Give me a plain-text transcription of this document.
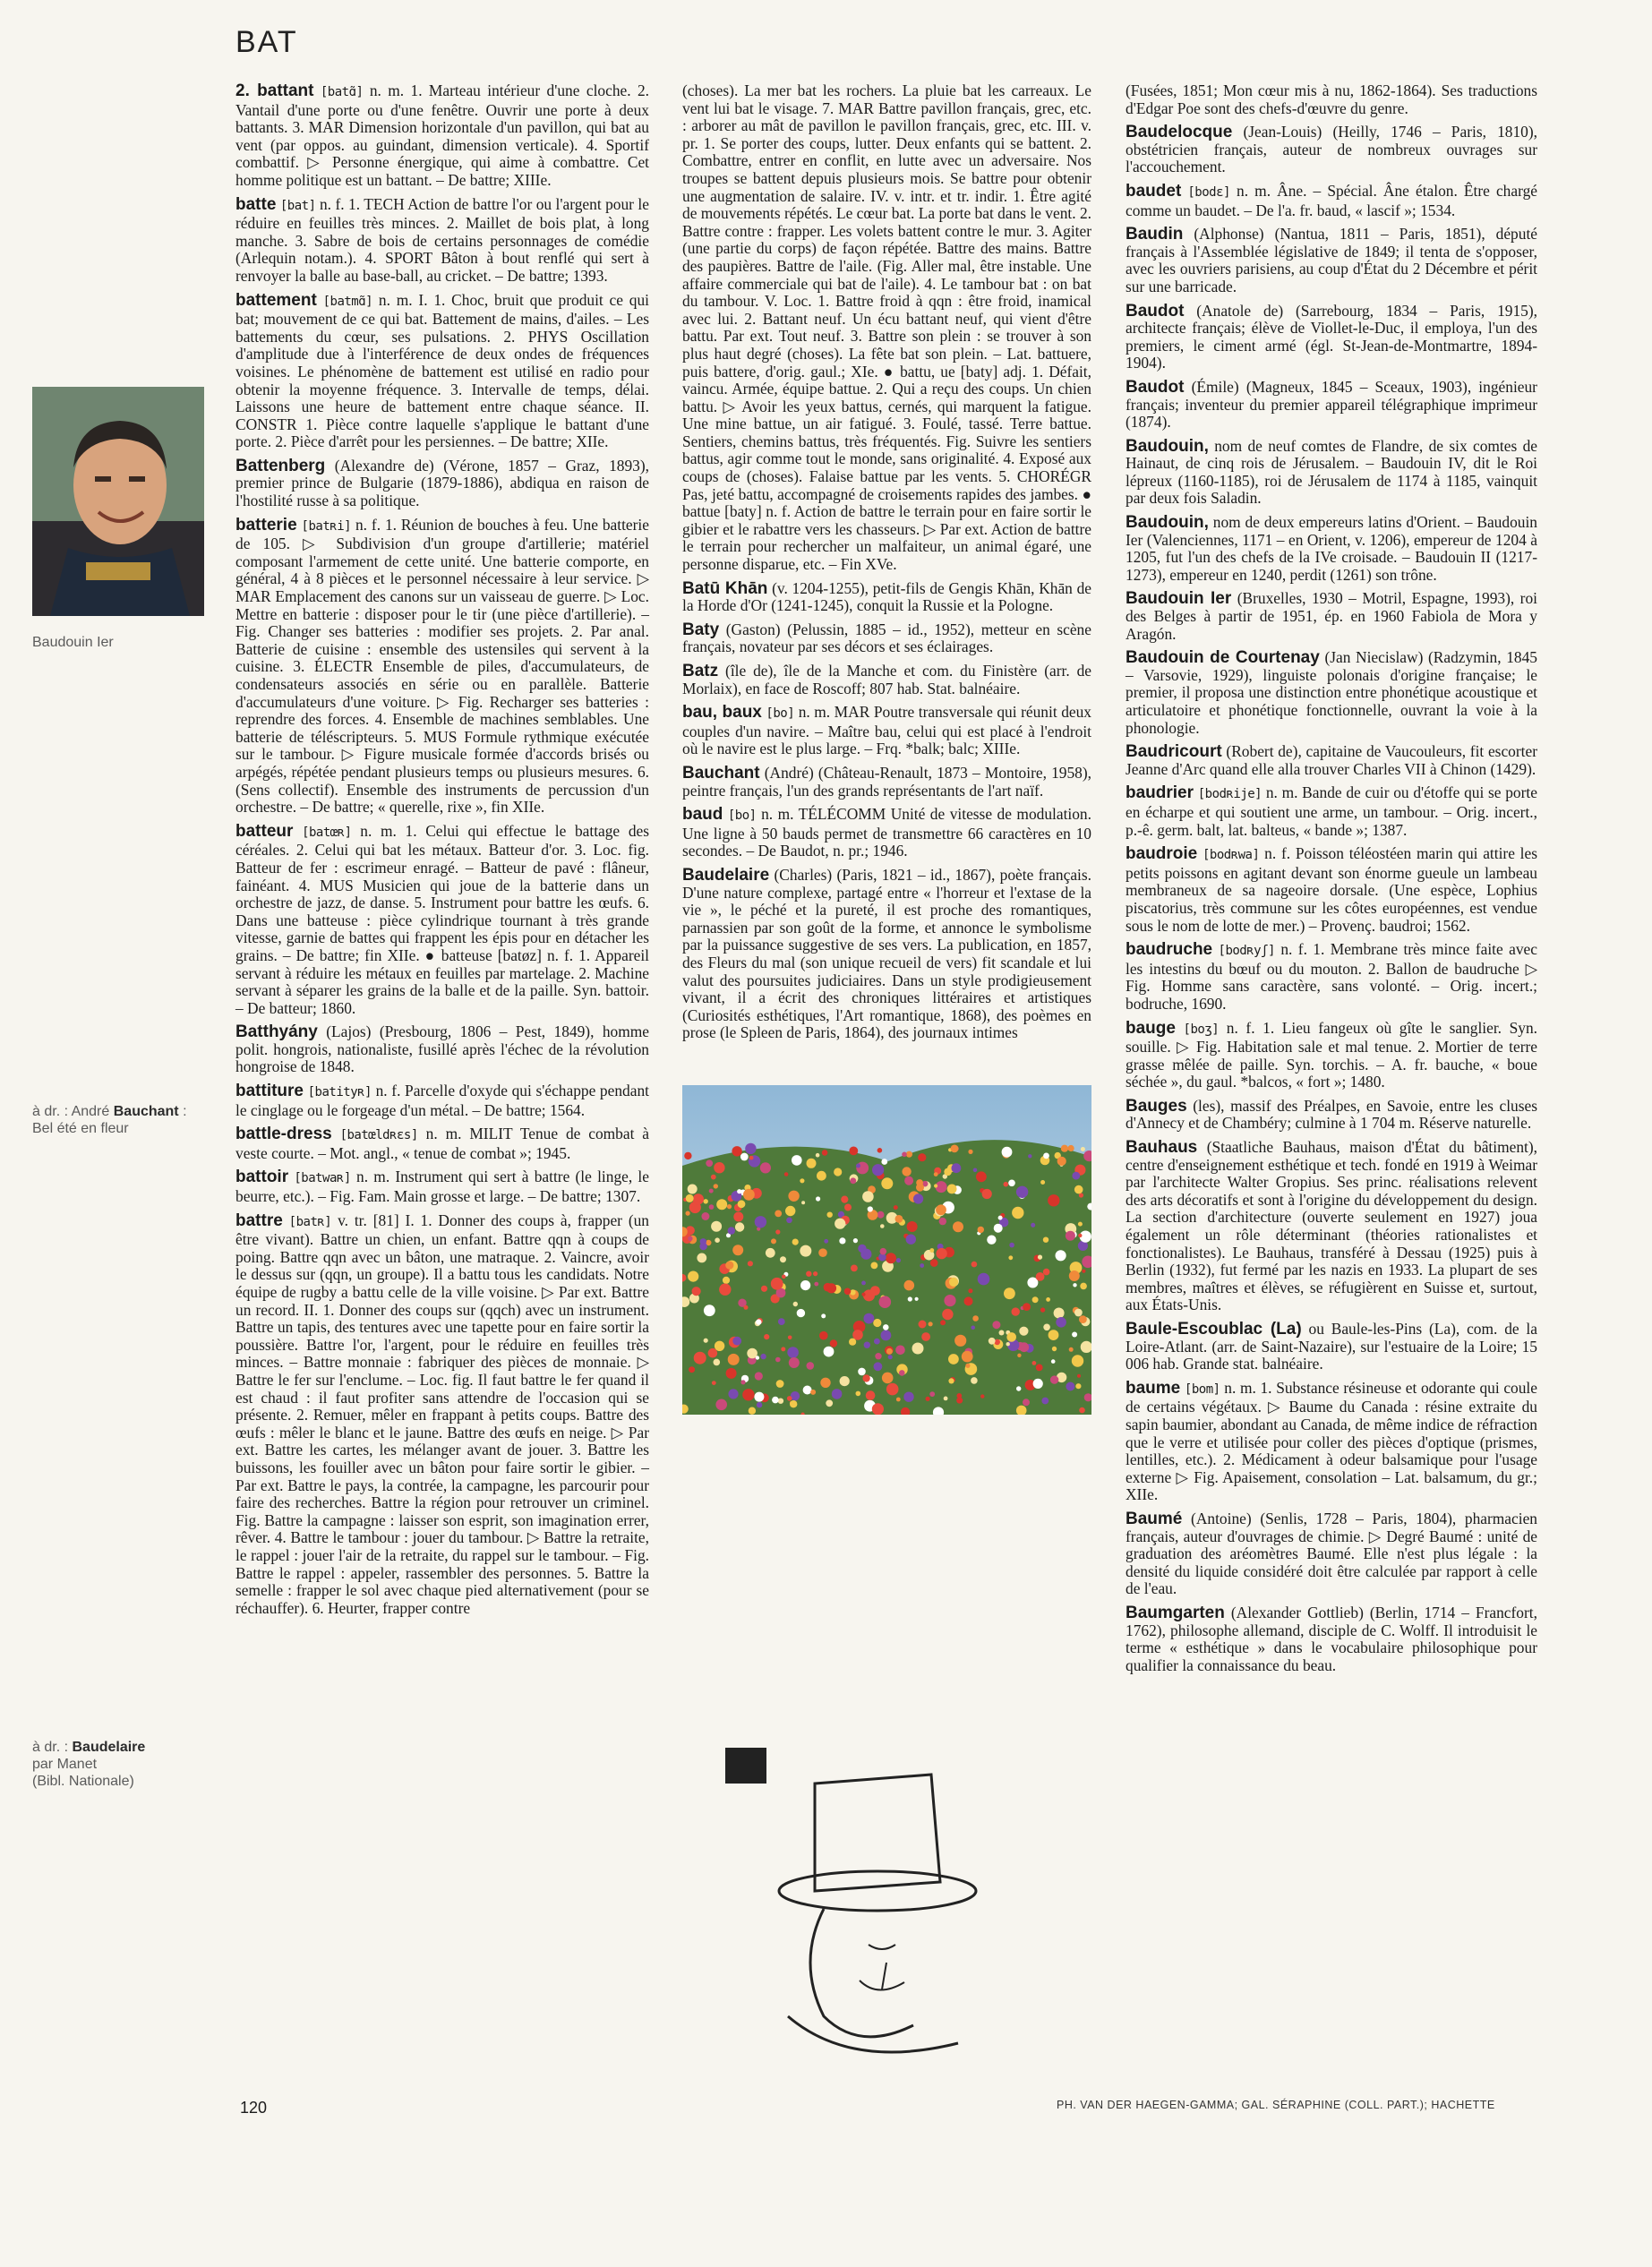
BAT
Baudouin Ier
à dr. : André Bauchant :
Bel été en fleur
à dr. : Baudelaire
par Manet
(Bibl. Nationale)

2. battant [batɑ̃] n. m. 1. Marteau intérieur d'une cloche. 2. Vantail d'une porte ou d'une fenêtre. Ouvrir une porte à deux battants. 3. MAR Dimension horizontale d'un pavillon, qui bat au vent (par oppos. au guindant, dimension verticale). 4. Sportif combattif. ▷ Personne énergique, qui aime à combattre. Cet homme politique est un battant. – De battre; XIIIe.

batte [bat] n. f. 1. TECH Action de battre l'or ou l'argent pour le réduire en feuilles très minces. 2. Maillet de bois plat, à long manche. 3. Sabre de bois de certains personnages de comédie (Arlequin notam.). 4. SPORT Bâton à bout renflé qui sert à renvoyer la balle au base-ball, au cricket. – De battre; 1393.

battement [batmɑ̃] n. m. I. 1. Choc, bruit que produit ce qui bat; mouvement de ce qui bat. Battement de mains, d'ailes. – Les battements du cœur, ses pulsations. 2. PHYS Oscillation d'amplitude due à l'interférence de deux ondes de fréquences voisines. Le phénomène de battement est utilisé en radio pour obtenir la moyenne fréquence. 3. Intervalle de temps, délai. Laissons une heure de battement entre chaque séance. II. CONSTR 1. Pièce contre laquelle s'applique le battant d'une porte. 2. Pièce d'arrêt pour les persiennes. – De battre; XIIe.

Battenberg (Alexandre de) (Vérone, 1857 – Graz, 1893), premier prince de Bulgarie (1879-1886), abdiqua en raison de l'hostilité russe à sa politique.

batterie [batʀi] n. f. 1. Réunion de bouches à feu. Une batterie de 105. ▷ Subdivision d'un groupe d'artillerie; matériel composant l'armement de cette unité. Une batterie comporte, en général, 4 à 8 pièces et le personnel nécessaire à leur service. ▷ MAR Emplacement des canons sur un vaisseau de guerre. ▷ Loc. Mettre en batterie : disposer pour le tir (une pièce d'artillerie). – Fig. Changer ses batteries : modifier ses projets. 2. Par anal. Batterie de cuisine : ensemble des ustensiles qui servent à la cuisine. 3. ÉLECTR Ensemble de piles, d'accumulateurs, de condensateurs associés en série ou en parallèle. Batterie d'accumulateurs d'une voiture. ▷ Fig. Recharger ses batteries : reprendre des forces. 4. Ensemble de machines semblables. Une batterie de téléscripteurs. 5. MUS Formule rythmique exécutée sur le tambour. ▷ Figure musicale formée d'accords brisés ou arpégés, répétée pendant plusieurs temps ou plusieurs mesures. 6. (Sens collectif). Ensemble des instruments de percussion d'un orchestre. – De battre; « querelle, rixe », fin XIIe.

batteur [batœʀ] n. m. 1. Celui qui effectue le battage des céréales. 2. Celui qui bat les métaux. Batteur d'or. 3. Loc. fig. Batteur de fer : escrimeur enragé. – Batteur de pavé : flâneur, fainéant. 4. MUS Musicien qui joue de la batterie dans un orchestre de jazz, de danse. 5. Instrument pour battre les œufs. 6. Dans une batteuse : pièce cylindrique tournant à très grande vitesse, garnie de battes qui frappent les épis pour en détacher les grains. – De battre; fin XIIe. ● batteuse [batøz] n. f. 1. Appareil servant à réduire les métaux en feuilles par martelage. 2. Machine servant à séparer les grains de la balle et de la paille. Syn. battoir. – De batteur; 1860.

Batthyány (Lajos) (Presbourg, 1806 – Pest, 1849), homme polit. hongrois, nationaliste, fusillé après l'échec de la révolution hongroise de 1848.

battiture [batityʀ] n. f. Parcelle d'oxyde qui s'échappe pendant le cinglage ou le forgeage d'un métal. – De battre; 1564.

battle-dress [batœldʀɛs] n. m. MILIT Tenue de combat à veste courte. – Mot. angl., « tenue de combat »; 1945.

battoir [batwaʀ] n. m. Instrument qui sert à battre (le linge, le beurre, etc.). – Fig. Fam. Main grosse et large. – De battre; 1307.

battre [batʀ] v. tr. [81] I. 1. Donner des coups à, frapper (un être vivant). Battre un chien, un enfant. Battre qqn à coups de poing. Battre qqn avec un bâton, une matraque. 2. Vaincre, avoir le dessus sur (qqn, un groupe). Il a battu tous les candidats. Notre équipe de rugby a battu celle de la ville voisine. ▷ Par ext. Battre un record. II. 1. Donner des coups sur (qqch) avec un instrument. Battre un tapis, des tentures avec une tapette pour en faire sortir la poussière. Battre l'or, l'argent, pour le réduire en feuilles très minces. – Battre monnaie : fabriquer des pièces de monnaie. ▷ Battre le fer sur l'enclume. – Loc. fig. Il faut battre le fer quand il est chaud : il faut profiter sans attendre de l'occasion qui se présente. 2. Remuer, mêler en frappant à petits coups. Battre des œufs : mêler le blanc et le jaune. Battre des œufs en neige. ▷ Par ext. Battre les cartes, les mélanger avant de jouer. 3. Battre les buissons, les fouiller avec un bâton pour faire sortir le gibier. – Par ext. Battre le pays, la contrée, la campagne, les parcourir pour faire des recherches. Battre la région pour retrouver un criminel. Fig. Battre la campagne : laisser son esprit, son imagination errer, rêver. 4. Battre le tambour : jouer du tambour. ▷ Battre la retraite, le rappel : jouer l'air de la retraite, du rappel sur le tambour. – Fig. Battre le rappel : appeler, rassembler des personnes. 5. Battre la semelle : frapper le sol avec chaque pied alternativement (pour se réchauffer). 6. Heurter, frapper contre

(choses). La mer bat les rochers. La pluie bat les carreaux. Le vent lui bat le visage. 7. MAR Battre pavillon français, grec, etc. : arborer au mât de pavillon le pavillon français, grec, etc. III. v. pr. 1. Se porter des coups, lutter. Deux enfants qui se battent. 2. Combattre, entrer en conflit, en lutte avec un adversaire. Nos troupes se battent depuis plusieurs mois. Se battre pour obtenir une augmentation de salaire. IV. v. intr. et tr. indir. 1. Être agité de mouvements répétés. Le cœur bat. La porte bat dans le vent. 2. Battre contre : frapper. Les volets battent contre le mur. 3. Agiter (une partie du corps) de façon répétée. Battre des mains. Battre des paupières. Battre de l'aile. (Fig. Aller mal, être instable. Une affaire commerciale qui bat de l'aile). 4. Le tambour bat : on bat du tambour. V. Loc. 1. Battre froid à qqn : être froid, inamical avec lui. 2. Battant neuf. Un écu battant neuf, qui vient d'être battu. Par ext. Tout neuf. 3. Battre son plein : se trouver à son plus haut degré (choses). La fête bat son plein. – Lat. battuere, puis battere, d'orig. gaul.; XIe. ● battu, ue [baty] adj. 1. Défait, vaincu. Armée, équipe battue. 2. Qui a reçu des coups. Un chien battu. ▷ Avoir les yeux battus, cernés, qui marquent la fatigue. Une mine battue, un air fatigué. 3. Foulé, tassé. Terre battue. Sentiers, chemins battus, très fréquentés. Fig. Suivre les sentiers battus, agir comme tout le monde, sans originalité. 4. Exposé aux coups de (choses). Falaise battue par les vents. 5. CHORÉGR Pas, jeté battu, accompagné de croisements rapides des jambes. ● battue [baty] n. f. Action de battre le terrain pour en faire sortir le gibier et le rabattre vers les chasseurs. ▷ Par ext. Action de battre le terrain pour rechercher un malfaiteur, un animal égaré, une personne disparue, etc. – Fin XVe.

Batū Khān (v. 1204-1255), petit-fils de Gengis Khān, Khān de la Horde d'Or (1241-1245), conquit la Russie et la Pologne.

Baty (Gaston) (Pelussin, 1885 – id., 1952), metteur en scène français, novateur par ses décors et ses éclairages.

Batz (île de), île de la Manche et com. du Finistère (arr. de Morlaix), en face de Roscoff; 807 hab. Stat. balnéaire.

bau, baux [bo] n. m. MAR Poutre transversale qui réunit deux couples d'un navire. – Maître bau, celui qui est placé à l'endroit où le navire est le plus large. – Frq. *balk; balc; XIIIe.

Bauchant (André) (Château-Renault, 1873 – Montoire, 1958), peintre français, l'un des grands représentants de l'art naïf.

baud [bo] n. m. TÉLÉCOMM Unité de vitesse de modulation. Une ligne à 50 bauds permet de transmettre 66 caractères en 10 secondes. – De Baudot, n. pr.; 1946.

Baudelaire (Charles) (Paris, 1821 – id., 1867), poète français. D'une nature complexe, partagé entre « l'horreur et l'extase de la vie », le péché et la pureté, il est proche des romantiques, parnassien par son goût de la forme, et annonce le symbolisme par la puissance suggestive de ses vers. La publication, en 1857, des Fleurs du mal (son unique recueil de vers) fit scandale et lui valut des poursuites judiciaires. Dans un style prodigieusement vivant, il a écrit des chroniques littéraires et artistiques (Curiosités esthétiques, l'Art romantique, 1868), des poèmes en prose (le Spleen de Paris, 1864), des journaux intimes

(Fusées, 1851; Mon cœur mis à nu, 1862-1864). Ses traductions d'Edgar Poe sont des chefs-d'œuvre du genre.

Baudelocque (Jean-Louis) (Heilly, 1746 – Paris, 1810), obstétricien français, auteur de nombreux ouvrages sur l'accouchement.

baudet [bodɛ] n. m. Âne. – Spécial. Âne étalon. Être chargé comme un baudet. – De l'a. fr. baud, « lascif »; 1534.

Baudin (Alphonse) (Nantua, 1811 – Paris, 1851), député français à l'Assemblée législative de 1849; il tenta de s'opposer, avec les ouvriers parisiens, au coup d'État du 2 Décembre et périt sur une barricade.

Baudot (Anatole de) (Sarrebourg, 1834 – Paris, 1915), architecte français; élève de Viollet-le-Duc, il employa, l'un des premiers, le ciment armé (égl. St-Jean-de-Montmartre, 1894-1904).

Baudot (Émile) (Magneux, 1845 – Sceaux, 1903), ingénieur français; inventeur du premier appareil télégraphique imprimeur (1874).

Baudouin, nom de neuf comtes de Flandre, de six comtes de Hainaut, de cinq rois de Jérusalem. – Baudouin IV, dit le Roi lépreux (1160-1185), roi de Jérusalem de 1174 à 1185, vainquit par deux fois Saladin.

Baudouin, nom de deux empereurs latins d'Orient. – Baudouin Ier (Valenciennes, 1171 – en Orient, v. 1206), empereur de 1204 à 1205, fut l'un des chefs de la IVe croisade. – Baudouin II (1217-1273), empereur en 1240, perdit (1261) son trône.

Baudouin Ier (Bruxelles, 1930 – Motril, Espagne, 1993), roi des Belges à partir de 1951, ép. en 1960 Fabiola de Mora y Aragón.

Baudouin de Courtenay (Jan Niecislaw) (Radzymin, 1845 – Varsovie, 1929), linguiste polonais d'origine française; le premier, il proposa une distinction entre phonétique acoustique et articulatoire et phonétique fonctionnelle, ouvrant la voie à la phonologie.

Baudricourt (Robert de), capitaine de Vaucouleurs, fit escorter Jeanne d'Arc quand elle alla trouver Charles VII à Chinon (1429).

baudrier [bodʀije] n. m. Bande de cuir ou d'étoffe qui se porte en écharpe et qui soutient une arme, un tambour. – Orig. incert., p.-ê. germ. balt, lat. balteus, « bande »; 1387.

baudroie [bodʀwa] n. f. Poisson téléostéen marin qui attire les petits poissons en agitant devant son énorme gueule un lambeau membraneux de sa nageoire dorsale. (Une espèce, Lophius piscatorius, très commune sur les côtes européennes, est vendue sous le nom de lotte de mer.) – Provenç. baudroi; 1562.

baudruche [bodʀyʃ] n. f. 1. Membrane très mince faite avec les intestins du bœuf ou du mouton. 2. Ballon de baudruche ▷ Fig. Homme sans caractère, sans volonté. – Orig. incert.; bodruche, 1690.

bauge [boʒ] n. f. 1. Lieu fangeux où gîte le sanglier. Syn. souille. ▷ Fig. Habitation sale et mal tenue. 2. Mortier de terre grasse mêlée de paille. Syn. torchis. – A. fr. bauche, « boue séchée », du gaul. *balcos, « fort »; 1480.

Bauges (les), massif des Préalpes, en Savoie, entre les cluses d'Annecy et de Chambéry; culmine à 1 704 m. Réserve naturelle.

Bauhaus (Staatliche Bauhaus, maison d'État du bâtiment), centre d'enseignement esthétique et tech. fondé en 1919 à Weimar par l'architecte Walter Gropius. Ses princ. réalisations relevent des arts décoratifs et sont à l'origine du développement du design. La section d'architecture (ouverte seulement en 1927) joua également un rôle déterminant (théories rationalistes et fonctionalistes). Le Bauhaus, transféré à Dessau (1925) puis à Berlin (1932), fut fermé par les nazis en 1933. La plupart de ses membres, maîtres et élèves, se réfugièrent en Suisse et, surtout, aux États-Unis.

Baule-Escoublac (La) ou Baule-les-Pins (La), com. de la Loire-Atlant. (arr. de Saint-Nazaire), sur l'estuaire de la Loire; 15 006 hab. Grande stat. balnéaire.

baume [bom] n. m. 1. Substance résineuse et odorante qui coule de certains végétaux. ▷ Baume du Canada : résine extraite du sapin baumier, abondant au Canada, de même indice de réfraction que le verre et utilisée pour coller des pièces d'optique (prismes, lentilles, etc.). 2. Médicament à odeur balsamique pour l'usage externe ▷ Fig. Apaisement, consolation – Lat. balsamum, du gr.; XIIe.

Baumé (Antoine) (Senlis, 1728 – Paris, 1804), pharmacien français, auteur d'ouvrages de chimie. ▷ Degré Baumé : unité de graduation des aréomètres Baumé. Elle n'est plus légale : la densité du liquide considéré doit être calculée par rapport à celle de l'eau.

Baumgarten (Alexander Gottlieb) (Berlin, 1714 – Francfort, 1762), philosophe allemand, disciple de C. Wolff. Il introduisit le terme « esthétique » dans le vocabulaire philosophique pour qualifier la connaissance du beau.

120	PH. VAN DER HAEGEN-GAMMA; GAL. SÉRAPHINE (COLL. PART.); HACHETTE
